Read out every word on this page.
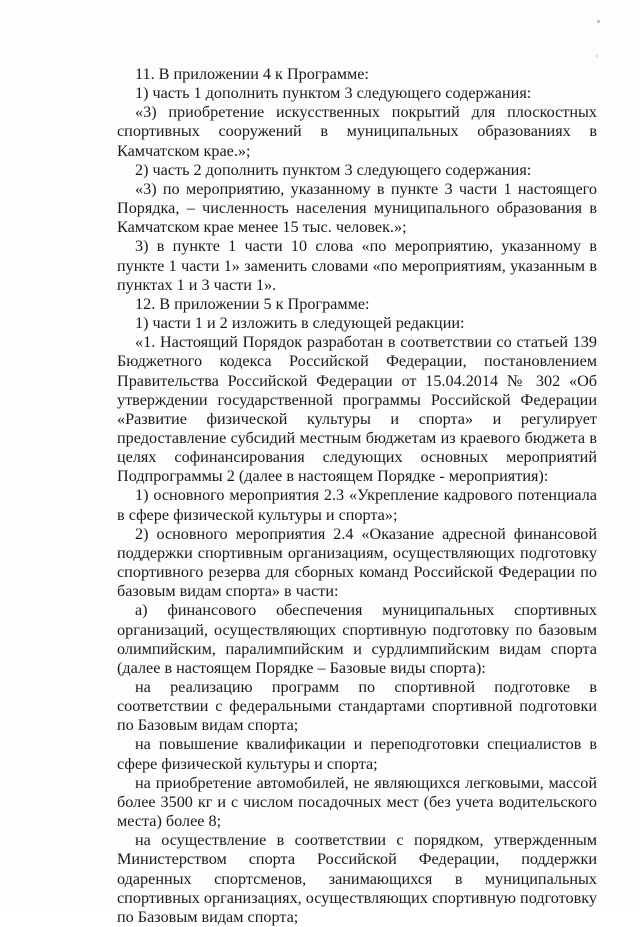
11. В приложении 4 к Программе:

1) часть 1 дополнить пунктом 3 следующего содержания:

«3) приобретение искусственных покрытий для плоскостных спортивных сооружений в муниципальных образованиях в Камчатском крае.»;

2) часть 2 дополнить пунктом 3 следующего содержания:

«3) по мероприятию, указанному в пункте 3 части 1 настоящего Порядка, – численность населения муниципального образования в Камчатском крае менее 15 тыс. человек.»;

3) в пункте 1 части 10 слова «по мероприятию, указанному в пункте 1 части 1» заменить словами «по мероприятиям, указанным в пунктах 1 и 3 части 1».

12. В приложении 5 к Программе:

1) части 1 и 2 изложить в следующей редакции:

«1. Настоящий Порядок разработан в соответствии со статьей 139 Бюджетного кодекса Российской Федерации, постановлением Правительства Российской Федерации от 15.04.2014 № 302 «Об утверждении государственной программы Российской Федерации «Развитие физической культуры и спорта» и регулирует предоставление субсидий местным бюджетам из краевого бюджета в целях софинансирования следующих основных мероприятий Подпрограммы 2 (далее в настоящем Порядке - мероприятия):

1) основного мероприятия 2.3 «Укрепление кадрового потенциала в сфере физической культуры и спорта»;

2) основного мероприятия 2.4 «Оказание адресной финансовой поддержки спортивным организациям, осуществляющих подготовку спортивного резерва для сборных команд Российской Федерации по базовым видам спорта» в части:

а) финансового обеспечения муниципальных спортивных организаций, осуществляющих спортивную подготовку по базовым олимпийским, паралимпийским и сурдлимпийским видам спорта (далее в настоящем Порядке – Базовые виды спорта):

на реализацию программ по спортивной подготовке в соответствии с федеральными стандартами спортивной подготовки по Базовым видам спорта;

на повышение квалификации и переподготовки специалистов в сфере физической культуры и спорта;

на приобретение автомобилей, не являющихся легковыми, массой более 3500 кг и с числом посадочных мест (без учета водительского места) более 8;

на осуществление в соответствии с порядком, утвержденным Министерством спорта Российской Федерации, поддержки одаренных спортсменов, занимающихся в муниципальных спортивных организациях, осуществляющих спортивную подготовку по Базовым видам спорта;
